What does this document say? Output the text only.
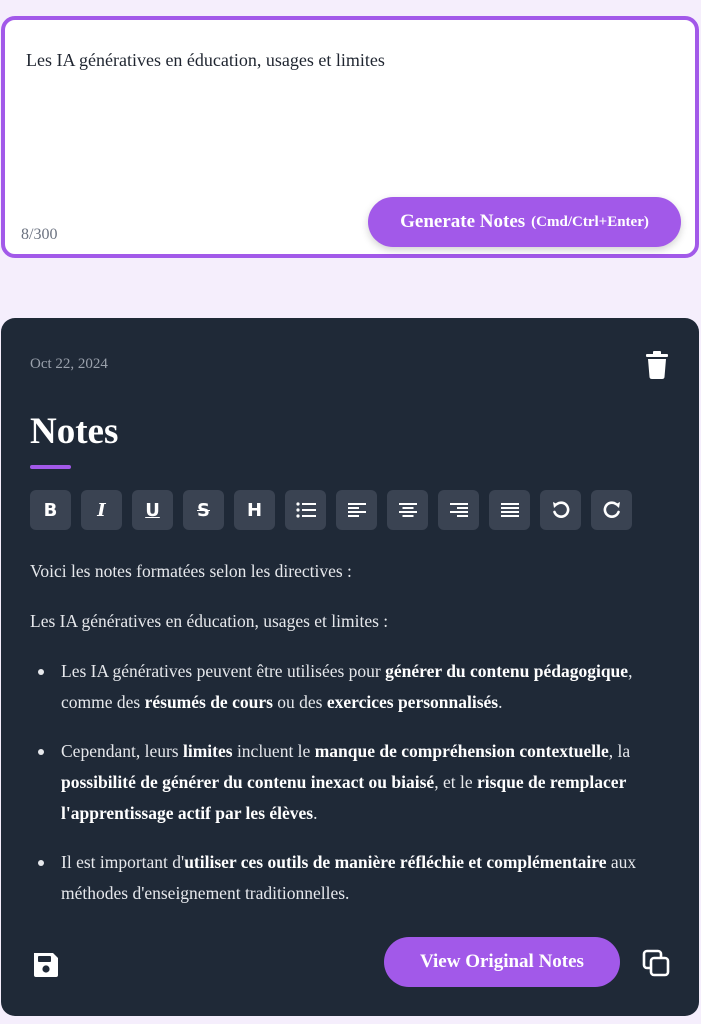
Les IA génératives en éducation, usages et limites
8/300
Generate Notes (Cmd/Ctrl+Enter)
Oct 22, 2024
Notes
B I U S H

Voici les notes formatées selon les directives :

Les IA génératives en éducation, usages et limites :

Les IA génératives peuvent être utilisées pour générer du contenu pédagogique, comme des résumés de cours ou des exercices personnalisés.
Cependant, leurs limites incluent le manque de compréhension contextuelle, la possibilité de générer du contenu inexact ou biaisé, et le risque de remplacer l'apprentissage actif par les élèves.
Il est important d'utiliser ces outils de manière réfléchie et complémentaire aux méthodes d'enseignement traditionnelles.
View Original Notes
